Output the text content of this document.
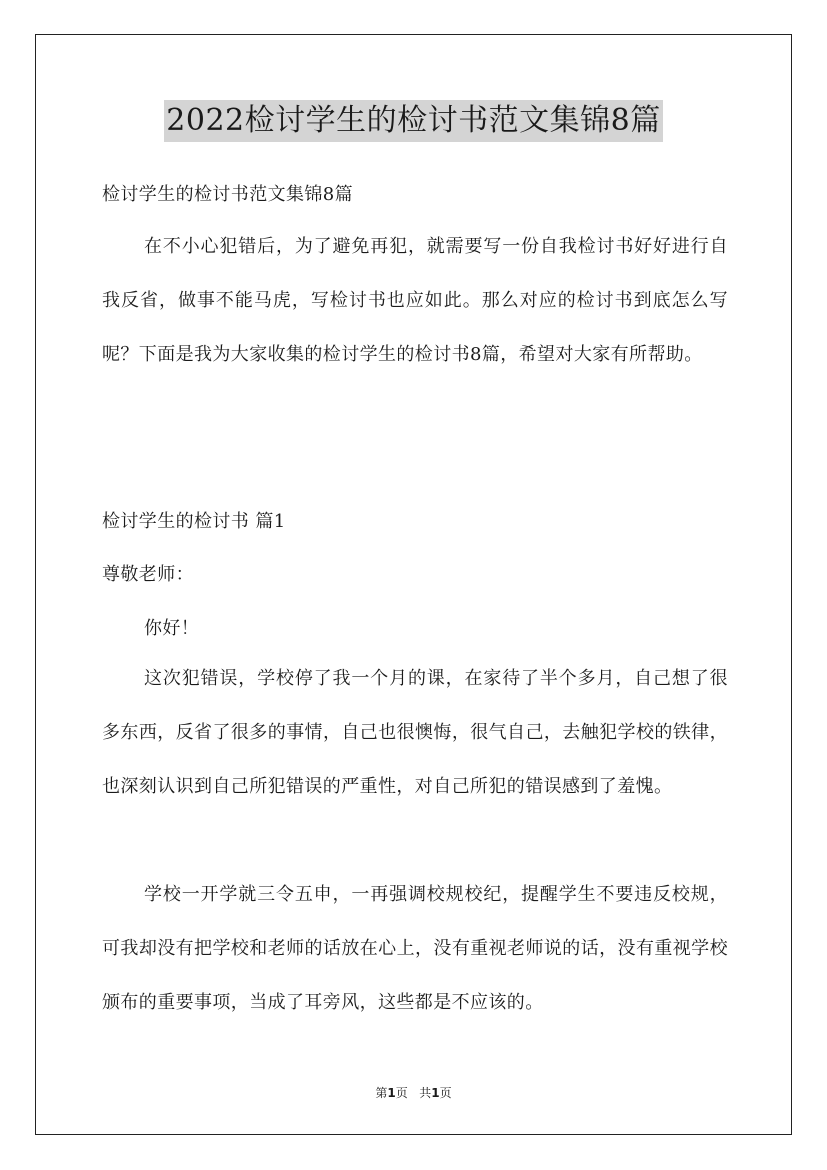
2022检讨学生的检讨书范文集锦8篇
检讨学生的检讨书范文集锦8篇
在不小心犯错后，为了避免再犯，就需要写一份自我检讨书好好进行自我反省，做事不能马虎，写检讨书也应如此。那么对应的检讨书到底怎么写呢？下面是我为大家收集的检讨学生的检讨书8篇，希望对大家有所帮助。
检讨学生的检讨书 篇1
尊敬老师：
你好！
这次犯错误，学校停了我一个月的课，在家待了半个多月，自己想了很多东西，反省了很多的事情，自己也很懊悔，很气自己，去触犯学校的铁律，也深刻认识到自己所犯错误的严重性，对自己所犯的错误感到了羞愧。
学校一开学就三令五申，一再强调校规校纪，提醒学生不要违反校规，可我却没有把学校和老师的话放在心上，没有重视老师说的话，没有重视学校颁布的重要事项，当成了耳旁风，这些都是不应该的。
第1页 共1页
